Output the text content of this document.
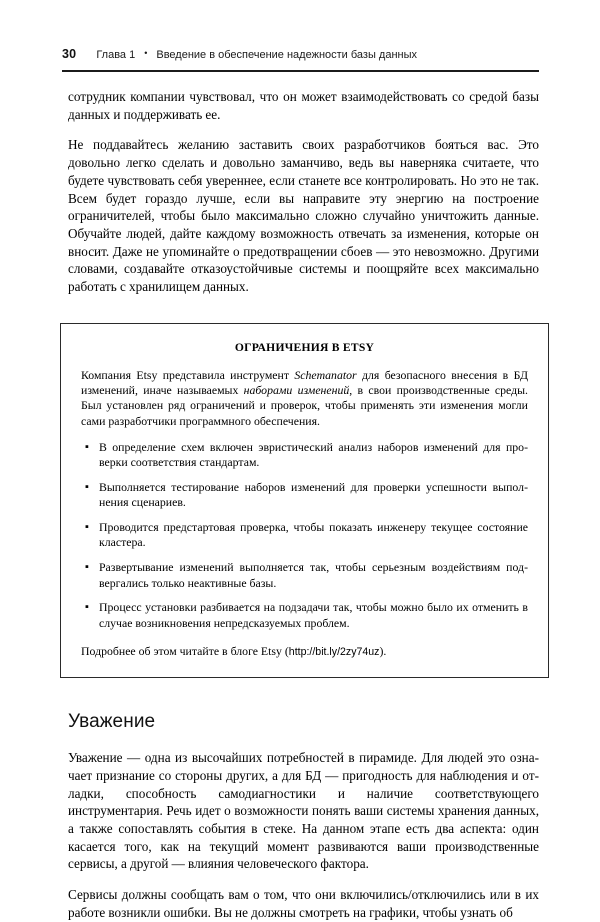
30 Глава 1 • Введение в обеспечение надежности базы данных

сотрудник компании чувствовал, что он может взаимодействовать со средой базы данных и поддерживать ее.

Не поддавайтесь желанию заставить своих разработчиков бояться вас. Это довольно легко сделать и довольно заманчиво, ведь вы наверняка считаете, что будете чувствовать себя увереннее, если станете все контролировать. Но это не так. Всем будет гораздо лучше, если вы направите эту энергию на построение ограничителей, чтобы было максимально сложно случайно уничтожить данные. Обучайте людей, дайте каждому возможность отвечать за изменения, которые он вносит. Даже не упоминайте о предотвращении сбоев — это невозможно. Другими словами, создавайте отказоустойчивые системы и поощряйте всех максимально работать с хранилищем данных.

ОГРАНИЧЕНИЯ В ETSY

Компания Etsy представила инструмент Schemanator для безопасного внесения в БД изменений, иначе называемых наборами изменений, в свои производственные среды. Был установлен ряд ограничений и проверок, чтобы применять эти изменения могли сами разработчики программного обеспечения.

▪ В определение схем включен эвристический анализ наборов изменений для проверки соответствия стандартам.
▪ Выполняется тестирование наборов изменений для проверки успешности выполнения сценариев.
▪ Проводится предстартовая проверка, чтобы показать инженеру текущее состояние кластера.
▪ Развертывание изменений выполняется так, чтобы серьезным воздействиям подвергались только неактивные базы.
▪ Процесс установки разбивается на подзадачи так, чтобы можно было их отменить в случае возникновения непредсказуемых проблем.

Подробнее об этом читайте в блоге Etsy (http://bit.ly/2zy74uz).

Уважение

Уважение — одна из высочайших потребностей в пирамиде. Для людей это означает признание со стороны других, а для БД — пригодность для наблюдения и отладки, способность самодиагностики и наличие соответствующего инструментария. Речь идет о возможности понять ваши системы хранения данных, а также сопоставлять события в стеке. На данном этапе есть два аспекта: один касается того, как на текущий момент развиваются ваши производственные сервисы, а другой — влияния человеческого фактора.

Сервисы должны сообщать вам о том, что они включились/отключились или в их работе возникли ошибки. Вы не должны смотреть на графики, чтобы узнать об
